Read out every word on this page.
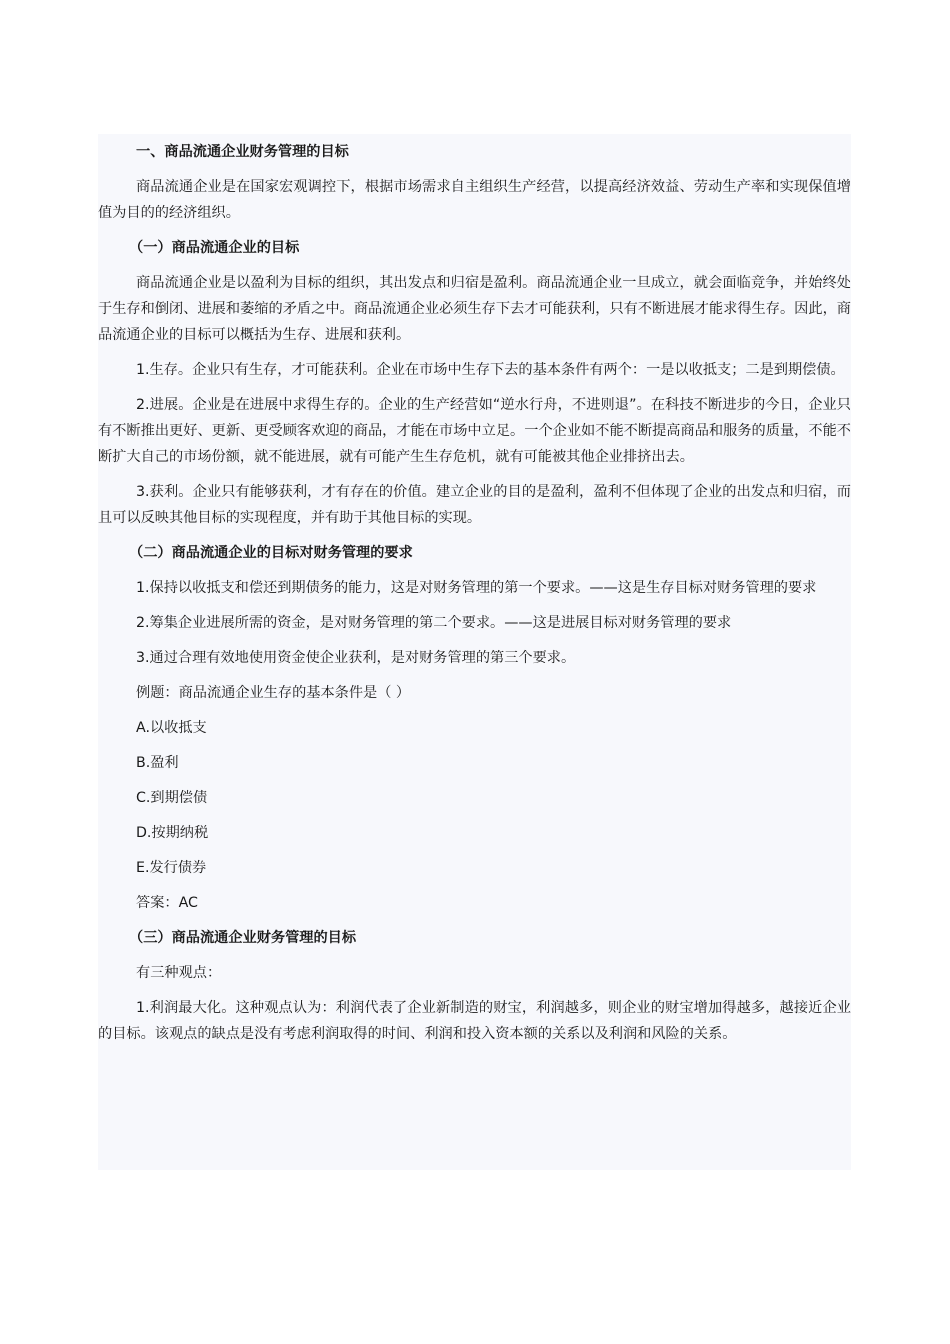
一、商品流通企业财务管理的目标

商品流通企业是在国家宏观调控下，根据市场需求自主组织生产经营，以提高经济效益、劳动生产率和实现保值增值为目的的经济组织。

（一）商品流通企业的目标

商品流通企业是以盈利为目标的组织，其出发点和归宿是盈利。商品流通企业一旦成立，就会面临竞争，并始终处于生存和倒闭、进展和萎缩的矛盾之中。商品流通企业必须生存下去才可能获利，只有不断进展才能求得生存。因此，商品流通企业的目标可以概括为生存、进展和获利。

1.生存。企业只有生存，才可能获利。企业在市场中生存下去的基本条件有两个：一是以收抵支；二是到期偿债。

2.进展。企业是在进展中求得生存的。企业的生产经营如“逆水行舟，不进则退”。在科技不断进步的今日，企业只有不断推出更好、更新、更受顾客欢迎的商品，才能在市场中立足。一个企业如不能不断提高商品和服务的质量，不能不断扩大自己的市场份额，就不能进展，就有可能产生生存危机，就有可能被其他企业排挤出去。

3.获利。企业只有能够获利，才有存在的价值。建立企业的目的是盈利，盈利不但体现了企业的出发点和归宿，而且可以反映其他目标的实现程度，并有助于其他目标的实现。

（二）商品流通企业的目标对财务管理的要求

1.保持以收抵支和偿还到期债务的能力，这是对财务管理的第一个要求。——这是生存目标对财务管理的要求

2.筹集企业进展所需的资金，是对财务管理的第二个要求。——这是进展目标对财务管理的要求

3.通过合理有效地使用资金使企业获利，是对财务管理的第三个要求。

例题：商品流通企业生存的基本条件是（ ）

A.以收抵支

B.盈利

C.到期偿债

D.按期纳税

E.发行债券

答案：AC

（三）商品流通企业财务管理的目标

有三种观点：

1.利润最大化。这种观点认为：利润代表了企业新制造的财宝，利润越多，则企业的财宝增加得越多，越接近企业的目标。该观点的缺点是没有考虑利润取得的时间、利润和投入资本额的关系以及利润和风险的关系。
